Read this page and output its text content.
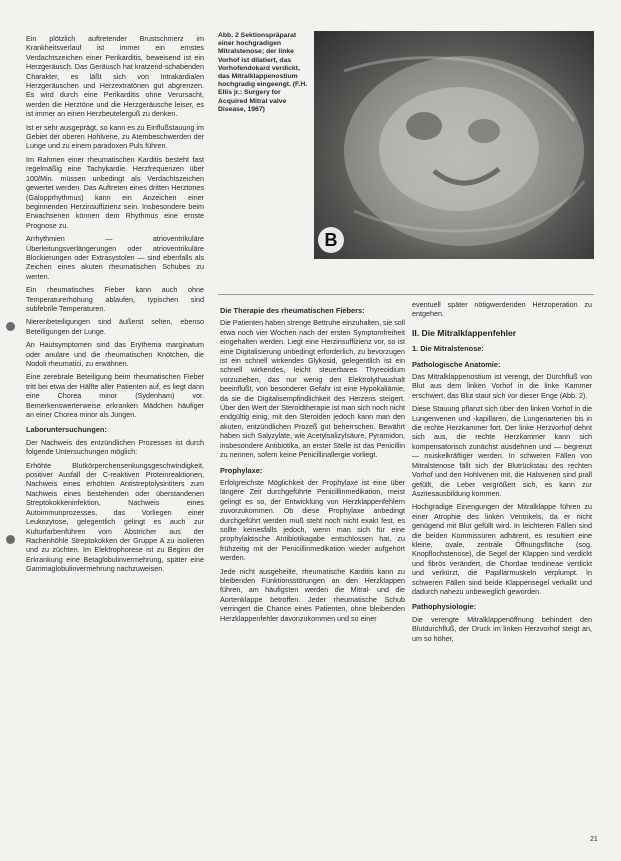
Ein plötzlich auftretender Brustschmerz im Krankheitsverlauf ist immer ein ernstes Verdachtszeichen einer Perikarditis, beweisend ist ein Herzgeräusch. Das Geräusch hat kratzend-schabenden Charakter, es läßt sich von Intrakardialen Herzgeräuschen und Herzextratönen gut abgrenzen. Es wird durch eine Perikarditis ohne Verursacht, werden die Herztöne und die Herzgeräusche leiser, es ist immer an einen Herzbeutelerguß zu denken.

Ist er sehr ausgeprägt, so kann es zu Einflußstauung im Gebiet der oberen Hohlvene, zu Atembeschwerden der Lunge und zu einem paradoxen Puls führen.

Im Rahmen einer rheumatischen Karditis besteht fast regelmäßig eine Tachykardie. Herzfrequenzen über 100/Min. müssen unbedingt als Verdachtszeichen gewertet werden. Das Auftreten eines dritten Herztones (Galopprhythmus) kann ein Anzeichen einer beginnenden Herzinsuffizienz sein. Insbesondere beim Erwachsenen können dem Rhythmus eine ernste Prognose zu.

Arrhythmien — atrioventrikuläre Überleitungsverlängerungen oder atrioventrikuläre Blockierungen oder Extrasystolen — sind ebenfalls als Zeichen eines akuten rheumatischen Schubes zu werten.

Ein rheumatisches Fieber kann auch ohne Temperaturerhöhung ablaufen, typischen sind subfebrile Temperaturen.

Nierenbeteiligungen sind äußerst selten, ebenso Beteiligungen der Lunge.

An Hautsymptomen sind das Erythema marginatum oder anulare und die rheumatischen Knötchen, die Nodoli rheumatici, zu erwähnen.

Eine zerebrale Beteiligung beim rheumatischen Fieber tritt bei etwa der Hälfte aller Patienten auf, es liegt dann eine Chorea minor (Sydenham) vor. Bemerkenswerterweise erkranken Mädchen häufiger an einer Chorea minor als Jungen.

Laboruntersuchungen:

Der Nachweis des entzündlichen Prozesses ist durch folgende Untersuchungen möglich:

Erhöhte Blutkörperchensenkungsgeschwindigkeit, positiver Ausfall der C-reaktiven Proteinreaktionen, Nachweis eines erhöhten Antistreptolysintiters zum Nachweis eines bestehenden oder überstandenen Streptokokkeninfektion, Nachweis eines Autoimmunprozesses, das Vorliegen einer Leukozytose, gelegentlich gelingt es auch zur Kulturfarbenführen vom Abstricher aus der Rachenhöhle Streptokokken der Gruppe A zu isolieren und zu züchten. Im Elektrophorese ist zu Beginn der Erkrankung eine Betaglobulinvermehrung, später eine Gammaglobulinvermehrung nachzuweisen.

Abb. 2 Sektionspräparat einer hochgradigen Mitralstenose; der linke Vorhof ist dilatiert, das Vorhofendokard verdickt, das Mitralklappenostium hochgradig eingeengt. (F.H. Ellis jr.: Surgery for Acquired Mitral valve Disease, 1967)
B
Die Therapie des rheumatischen Fiebers:

Die Patienten haben strenge Bettruhe einzuhalten, sie soll etwa noch vier Wochen nach der ersten Symptomfreiheit eingehalten werden. Liegt eine Herzinsuffizienz vor, so ist eine Digitalisierung unbedingt erforderlich, zu bevorzugen ist ein schnell wirkendes Glykosid, gelegentlich ist ein schnell wirkendes, leicht steuerbares Thyreoidium vorzuziehen, das nur wenig den Elektrolythaushalt beeinflußt, von besonderer Gefahr ist eine Hypokaliämie, da sie die Digitalisempfindlichkeit des Herzens steigert. Über den Wert der Steroidtherapie ist man sich noch nicht endgültig einig, mit den Steroiden jedoch kann man den akuten, entzündlichen Prozeß gut beherrschen. Bewährt haben sich Salyzylate, wie Acetylsalizylsäure, Pyramidon, insbesondere Antibiotika, an erster Stelle ist das Penicillin zu nennen, sofern keine Penicillinallergie vorliegt.

Prophylaxe:

Erfolgreichste Möglichkeit der Prophylaxe ist eine über längere Zeit durchgeführte Penicillinmedikation, meist gelingt es so, der Entwicklung von Herzklappenfehlern zuvorzukommen. Ob diese Prophylaxe anbedingt durchgeführt werden muß steht noch nicht exakt fest, es sollte keinesfalls jedoch, wenn man sich für eine prophylaktische Antibiotikagabe entschlossen hat, zu frühzeitig mit der Penicillinmedikation wieder aufgehört werden.

Jede nicht ausgeheilte, rheumatische Karditis kann zu bleibenden Funktionsstörungen an den Herzklappen führen, am häufigsten werden die Mitral- und die Aortenklappe betroffen. Jeder rheumatische Schub verringert die Chance eines Patienten, ohne bleibenden Herzklappenfehler davonzukommen und so einer

eventuell später nötigwerdenden Herzoperation zu entgehen.

II. Die Mitralklappenfehler
1. Die Mitralstenose:
Pathologische Anatomie:

Das Mitralklappenostium ist verengt, der Durchfluß von Blut aus dem linken Vorhof in die linke Kammer erschwert, das Blut staut sich vor dieser Enge (Abb. 2).

Diese Stauung pflanzt sich über den linken Vorhof in die Lungenvenen und -kapillaren, die Lungenarterien bis in die rechte Herzkammer fort. Der linke Herzvorhof dehnt sich aus, die rechte Herzkammer kann sich kompensatorisch zunächst ausdehnen und — begrenzt — muskelkräftiger werden. In schweren Fällen von Mitralstenose fällt sich der Blutrückstau des rechten Vorhof und den Hohlvenen mit, die Halsvenen sind prall gefüllt, die Leber vergrößert sich, es kann zur Aszitesausbildung kommen.

Hochgradige Einengungen der Mitralklappe führen zu einer Atrophie des linken Ventrikels, da er nicht genügend mit Blut gefüllt wird. In leichteren Fällen sind die beiden Kommissuren adhärent, es resultiert eine kleine, ovale, zentrale Öffnungsfläche (sog. Knopflochstenose), die Segel der Klappen sind verdickt und fibrös verändert, die Chordae tendineae verdickt und verkürzt, die Papillarmuskeln verplumpt. In schweren Fällen sind beide Klappensegel verkalkt und dadurch nahezu unbeweglich geworden.

Pathophysiologie:

Die verengte Mitralklappenöffnung behindert den Blutdurchfluß, der Druck im linken Herzvorhof steigt an, um so höher,

21
